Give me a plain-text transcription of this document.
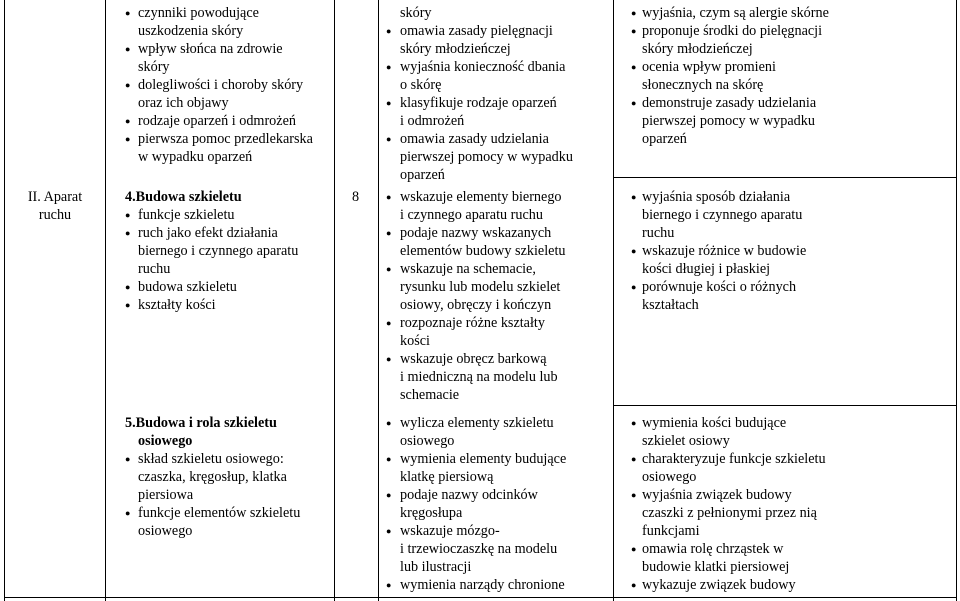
II. Aparat
ruchu
8
● czynniki powodujące
uszkodzenia skóry
● wpływ słońca na zdrowie
skóry
● dolegliwości i choroby skóry
oraz ich objawy
● rodzaje oparzeń i odmrożeń
● pierwsza pomoc przedlekarska
w wypadku oparzeń
4.Budowa szkieletu
● funkcje szkieletu
● ruch jako efekt działania
biernego i czynnego aparatu
ruchu
● budowa szkieletu
● kształty kości
5.Budowa i rola szkieletu
osiowego
● skład szkieletu osiowego:
czaszka, kręgosłup, klatka
piersiowa
● funkcje elementów szkieletu
osiowego
skóry
● omawia zasady pielęgnacji
skóry młodzieńczej
● wyjaśnia konieczność dbania
o skórę
● klasyfikuje rodzaje oparzeń
i odmrożeń
● omawia zasady udzielania
pierwszej pomocy w wypadku
oparzeń
● wskazuje elementy biernego
i czynnego aparatu ruchu
● podaje nazwy wskazanych
elementów budowy szkieletu
● wskazuje na schemacie,
rysunku lub modelu szkielet
osiowy, obręczy i kończyn
● rozpoznaje różne kształty
kości
● wskazuje obręcz barkową
i miedniczną na modelu lub
schemacie
● wylicza elementy szkieletu
osiowego
● wymienia elementy budujące
klatkę piersiową
● podaje nazwy odcinków
kręgosłupa
● wskazuje mózgo-
i trzewioczaszkę na modelu
lub ilustracji
● wymienia narządy chronione
● wyjaśnia, czym są alergie skórne
● proponuje środki do pielęgnacji
skóry młodzieńczej
● ocenia wpływ promieni
słonecznych na skórę
● demonstruje zasady udzielania
pierwszej pomocy w wypadku
oparzeń
● wyjaśnia sposób działania
biernego i czynnego aparatu
ruchu
● wskazuje różnice w budowie
kości długiej i płaskiej
● porównuje kości o różnych
kształtach
● wymienia kości budujące
szkielet osiowy
● charakteryzuje funkcje szkieletu
osiowego
● wyjaśnia związek budowy
czaszki z pełnionymi przez nią
funkcjami
● omawia rolę chrząstek w
budowie klatki piersiowej
● wykazuje związek budowy
